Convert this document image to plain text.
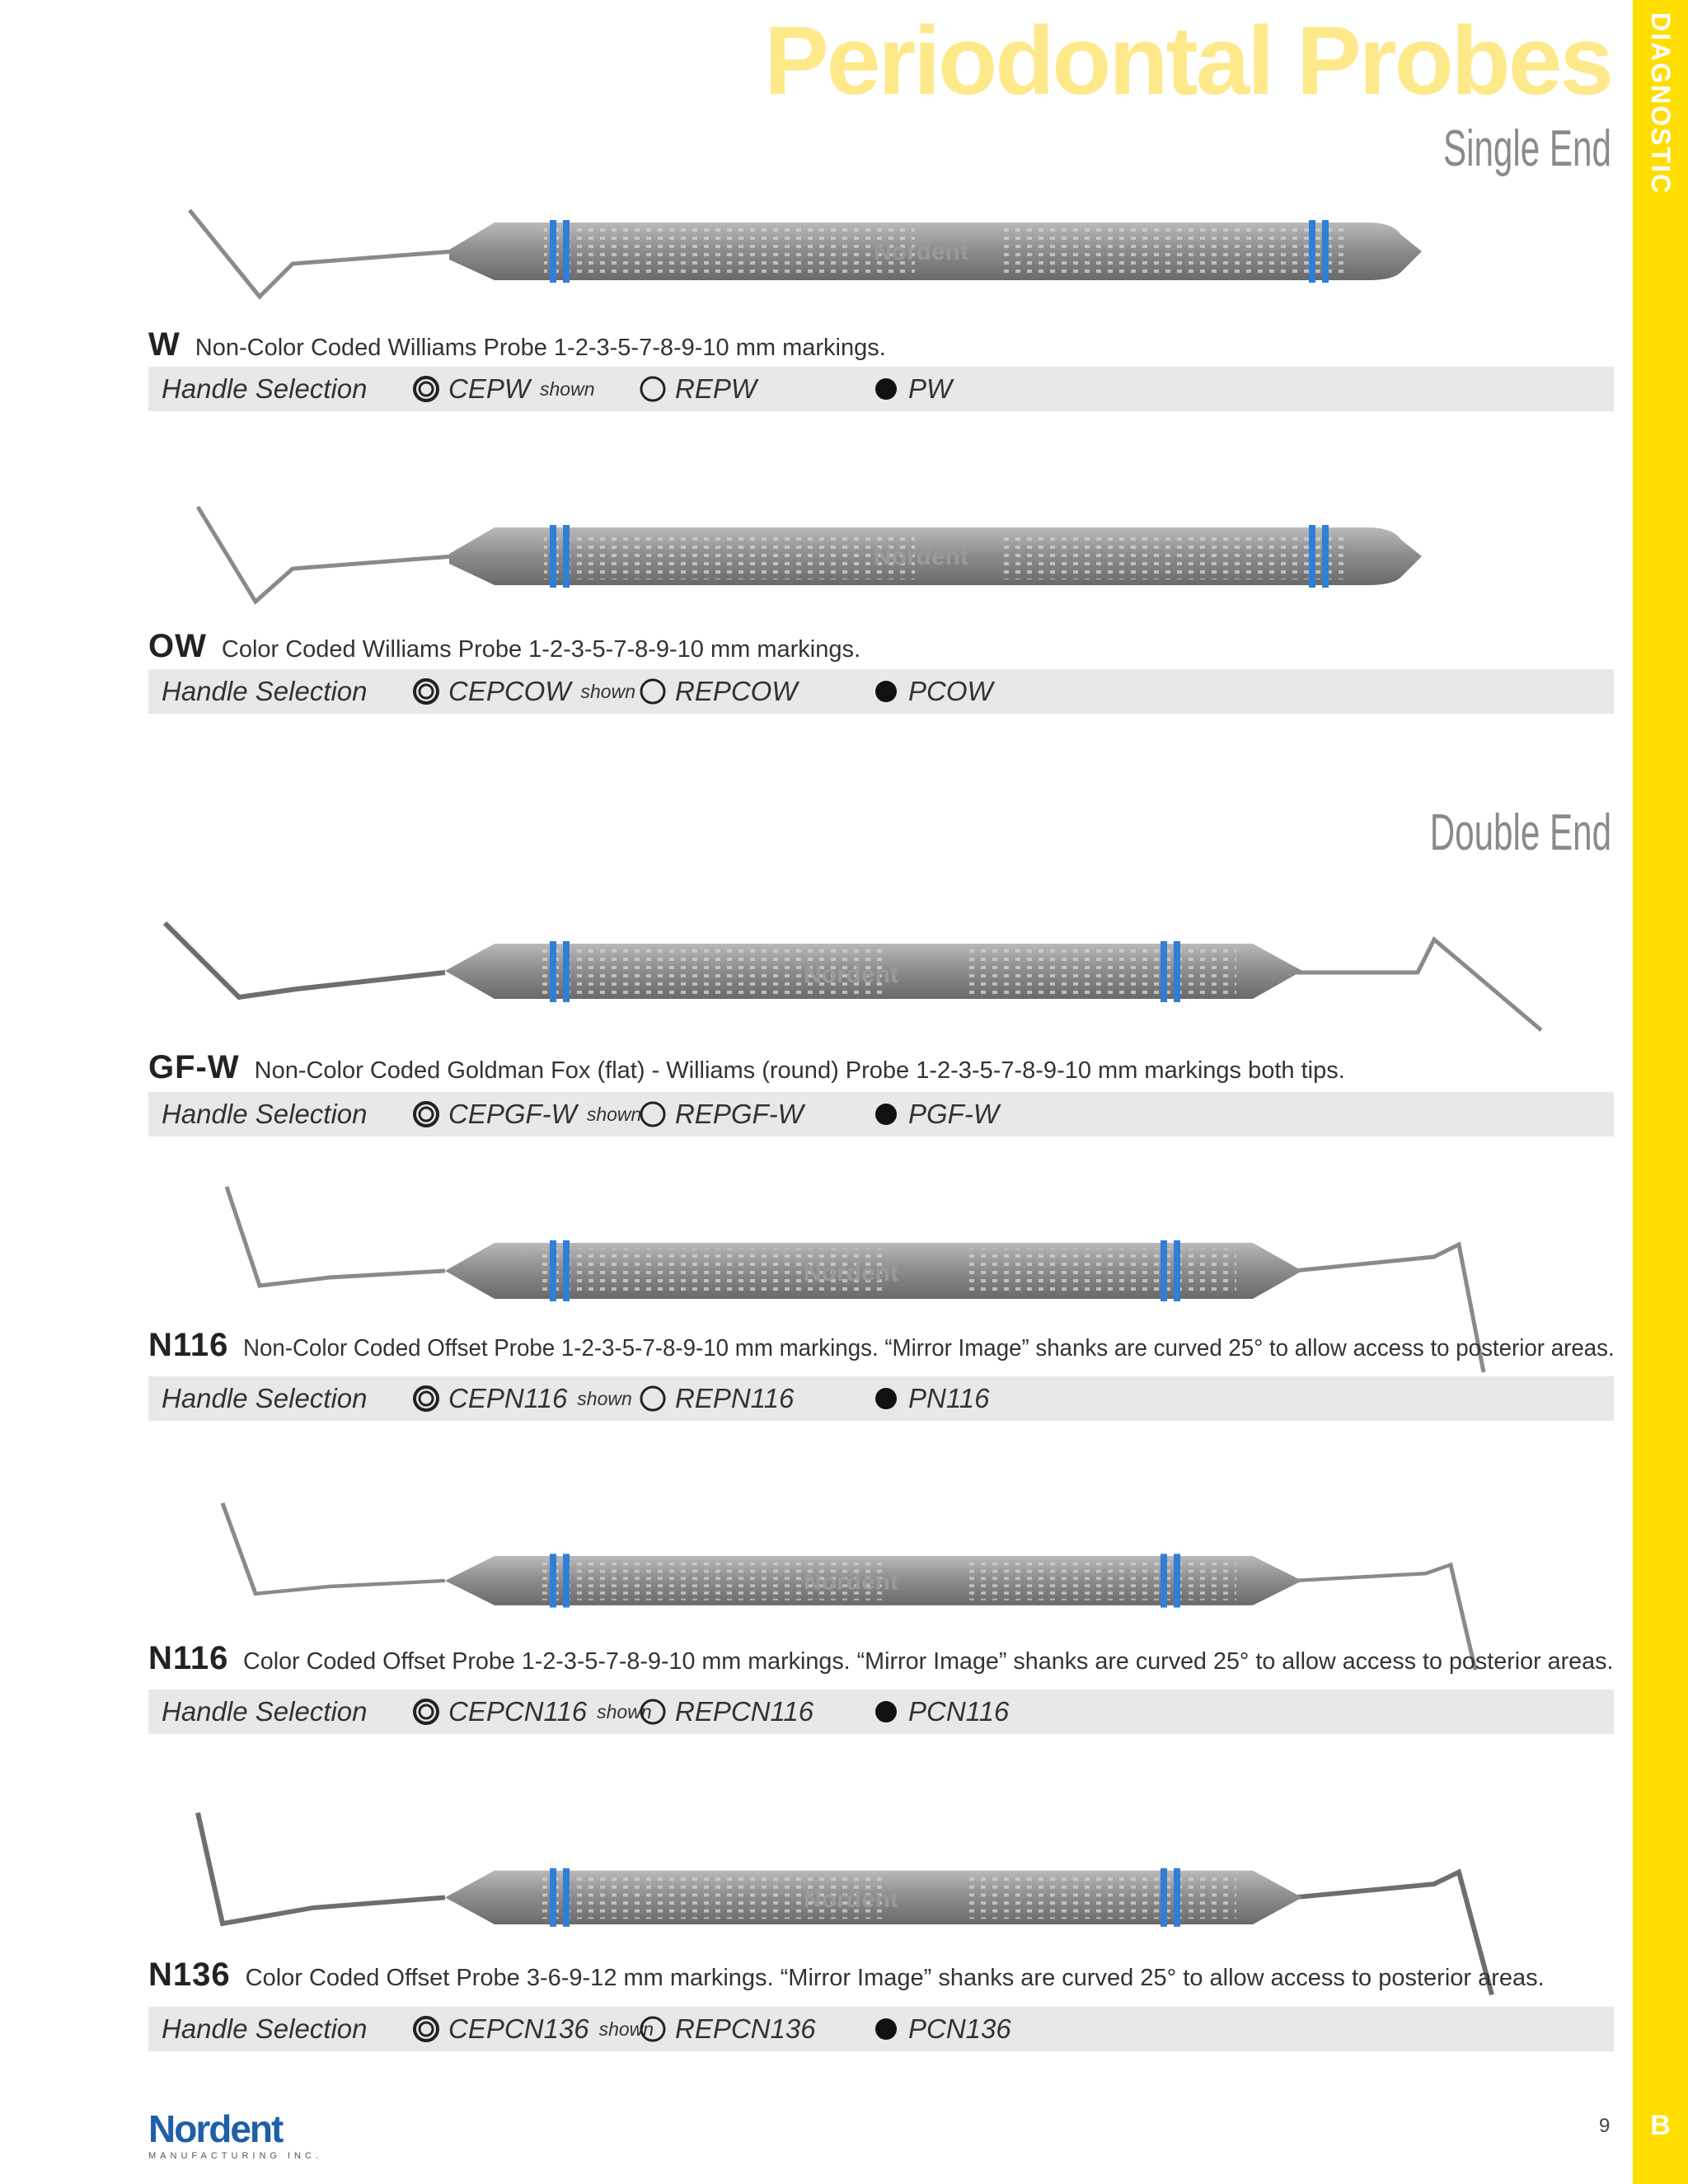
DIAGNOSTIC
B
Periodontal Probes
Single End
Double End
Nordent
W Non-Color Coded Williams Probe 1-2-3-5-7-8-9-10 mm markings.
Handle Selection	CEPW shown	REPW	PW
Nordent
OW Color Coded Williams Probe 1-2-3-5-7-8-9-10 mm markings.
Handle Selection	CEPCOW shown REPCOW	PCOW
Nordent
GF-W Non-Color Coded Goldman Fox (flat) - Williams (round) Probe 1-2-3-5-7-8-9-10 mm markings both tips.
Handle Selection	CEPGF-W shown REPGF-W	PGF-W
Nordent
N116 Non-Color Coded Offset Probe 1-2-3-5-7-8-9-10 mm markings. “Mirror Image” shanks are curved 25° to allow access to posterior areas.
Handle Selection	CEPN116 shown REPN116	PN116
Nordent
N116 Color Coded Offset Probe 1-2-3-5-7-8-9-10 mm markings. “Mirror Image” shanks are curved 25° to allow access to posterior areas.
Handle Selection	CEPCN116 shown REPCN116	PCN116
Nordent
N136 Color Coded Offset Probe 3-6-9-12 mm markings. “Mirror Image” shanks are curved 25° to allow access to posterior areas.
Handle Selection	CEPCN136 shown REPCN136	PCN136
Nordent
MANUFACTURING INC.
9
